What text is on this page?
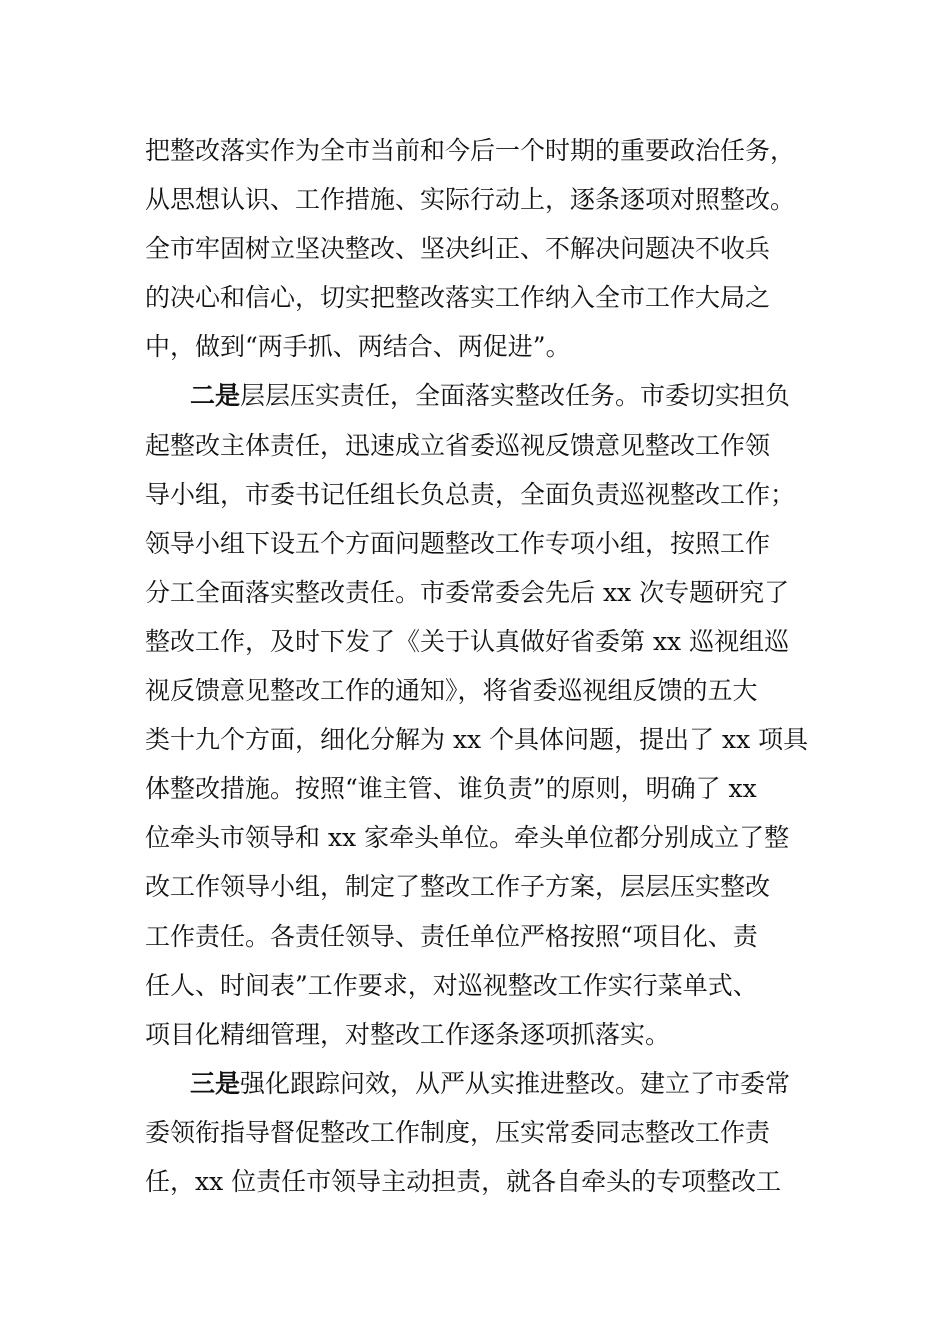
把整改落实作为全市当前和今后一个时期的重要政治任务，
从思想认识、工作措施、实际行动上，逐条逐项对照整改。
全市牢固树立坚决整改、坚决纠正、不解决问题决不收兵
的决心和信心，切实把整改落实工作纳入全市工作大局之
中，做到“两手抓、两结合、两促进”。
二是层层压实责任，全面落实整改任务。市委切实担负
起整改主体责任，迅速成立省委巡视反馈意见整改工作领
导小组，市委书记任组长负总责，全面负责巡视整改工作；
领导小组下设五个方面问题整改工作专项小组，按照工作
分工全面落实整改责任。市委常委会先后 xx 次专题研究了
整改工作，及时下发了《关于认真做好省委第 xx 巡视组巡
视反馈意见整改工作的通知》，将省委巡视组反馈的五大
类十九个方面，细化分解为 xx 个具体问题，提出了 xx 项具
体整改措施。按照“谁主管、谁负责”的原则，明确了 xx
位牵头市领导和 xx 家牵头单位。牵头单位都分别成立了整
改工作领导小组，制定了整改工作子方案，层层压实整改
工作责任。各责任领导、责任单位严格按照“项目化、责
任人、时间表”工作要求，对巡视整改工作实行菜单式、
项目化精细管理，对整改工作逐条逐项抓落实。
三是强化跟踪问效，从严从实推进整改。建立了市委常
委领衔指导督促整改工作制度，压实常委同志整改工作责
任，xx 位责任市领导主动担责，就各自牵头的专项整改工
